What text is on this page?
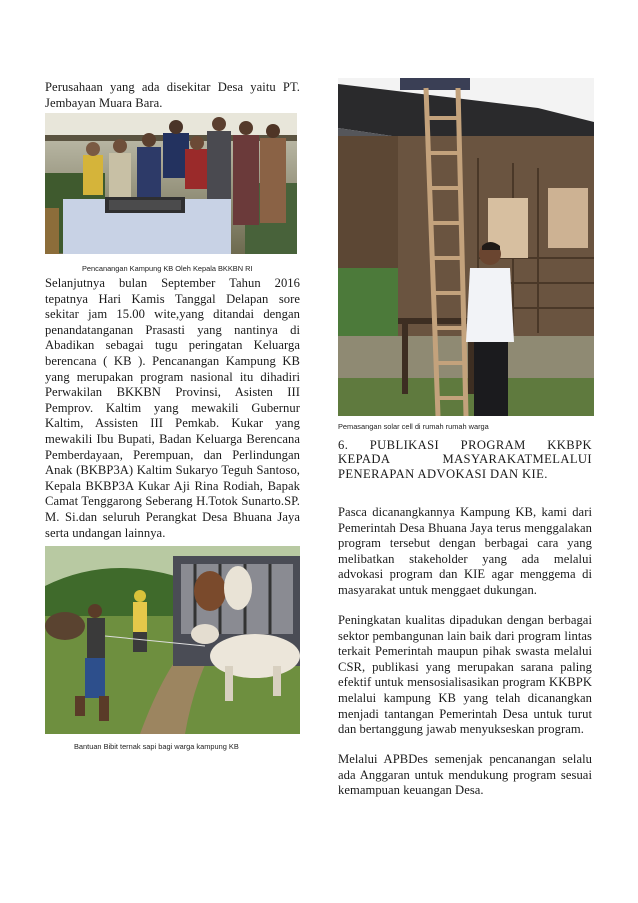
Perusahaan yang ada disekitar Desa yaitu PT. Jembayan Muara Bara.

Pencanangan Kampung KB Oleh Kepala BKKBN RI

Selanjutnya bulan September Tahun 2016 tepatnya Hari Kamis Tanggal Delapan sore sekitar jam 15.00 wite,yang ditandai dengan penandatanganan Prasasti yang nantinya di Abadikan sebagai tugu peringatan Keluarga berencana ( KB ). Pencanangan Kampung KB yang merupakan program nasional itu dihadiri Perwakilan BKKBN Provinsi, Asisten III Pemprov. Kaltim yang mewakili Gubernur Kaltim, Assisten III Pemkab. Kukar yang mewakili Ibu Bupati, Badan Keluarga Berencana Pemberdayaan, Perempuan, dan Perlindungan Anak (BKBP3A) Kaltim Sukaryo Teguh Santoso, Kepala BKBP3A Kukar Aji Rina Rodiah, Bapak Camat Tenggarong Seberang H.Totok Sunarto.SP. M. Si.dan seluruh Perangkat Desa Bhuana Jaya serta undangan lainnya.

Bantuan Bibit ternak sapi bagi warga kampung KB

Pemasangan solar cell di rumah rumah warga

6. PUBLIKASI PROGRAM KKBPK KEPADA MASYARAKATMELALUI PENERAPAN ADVOKASI DAN KIE.

Pasca dicanangkannya Kampung KB, kami dari Pemerintah Desa Bhuana Jaya terus menggalakan program tersebut dengan berbagai cara yang melibatkan stakeholder yang ada melalui advokasi program dan KIE agar menggema di masyarakat untuk menggaet dukungan.

Peningkatan kualitas dipadukan dengan berbagai sektor pembangunan lain baik dari program lintas terkait Pemerintah maupun pihak swasta melalui CSR, publikasi yang merupakan sarana paling efektif untuk mensosialisasikan program KKBPK melalui kampung KB yang telah dicanangkan menjadi tantangan Pemerintah Desa untuk turut dan bertanggung jawab menyukseskan program.

Melalui APBDes semenjak pencanangan selalu ada Anggaran untuk mendukung program sesuai kemampuan keuangan Desa.
